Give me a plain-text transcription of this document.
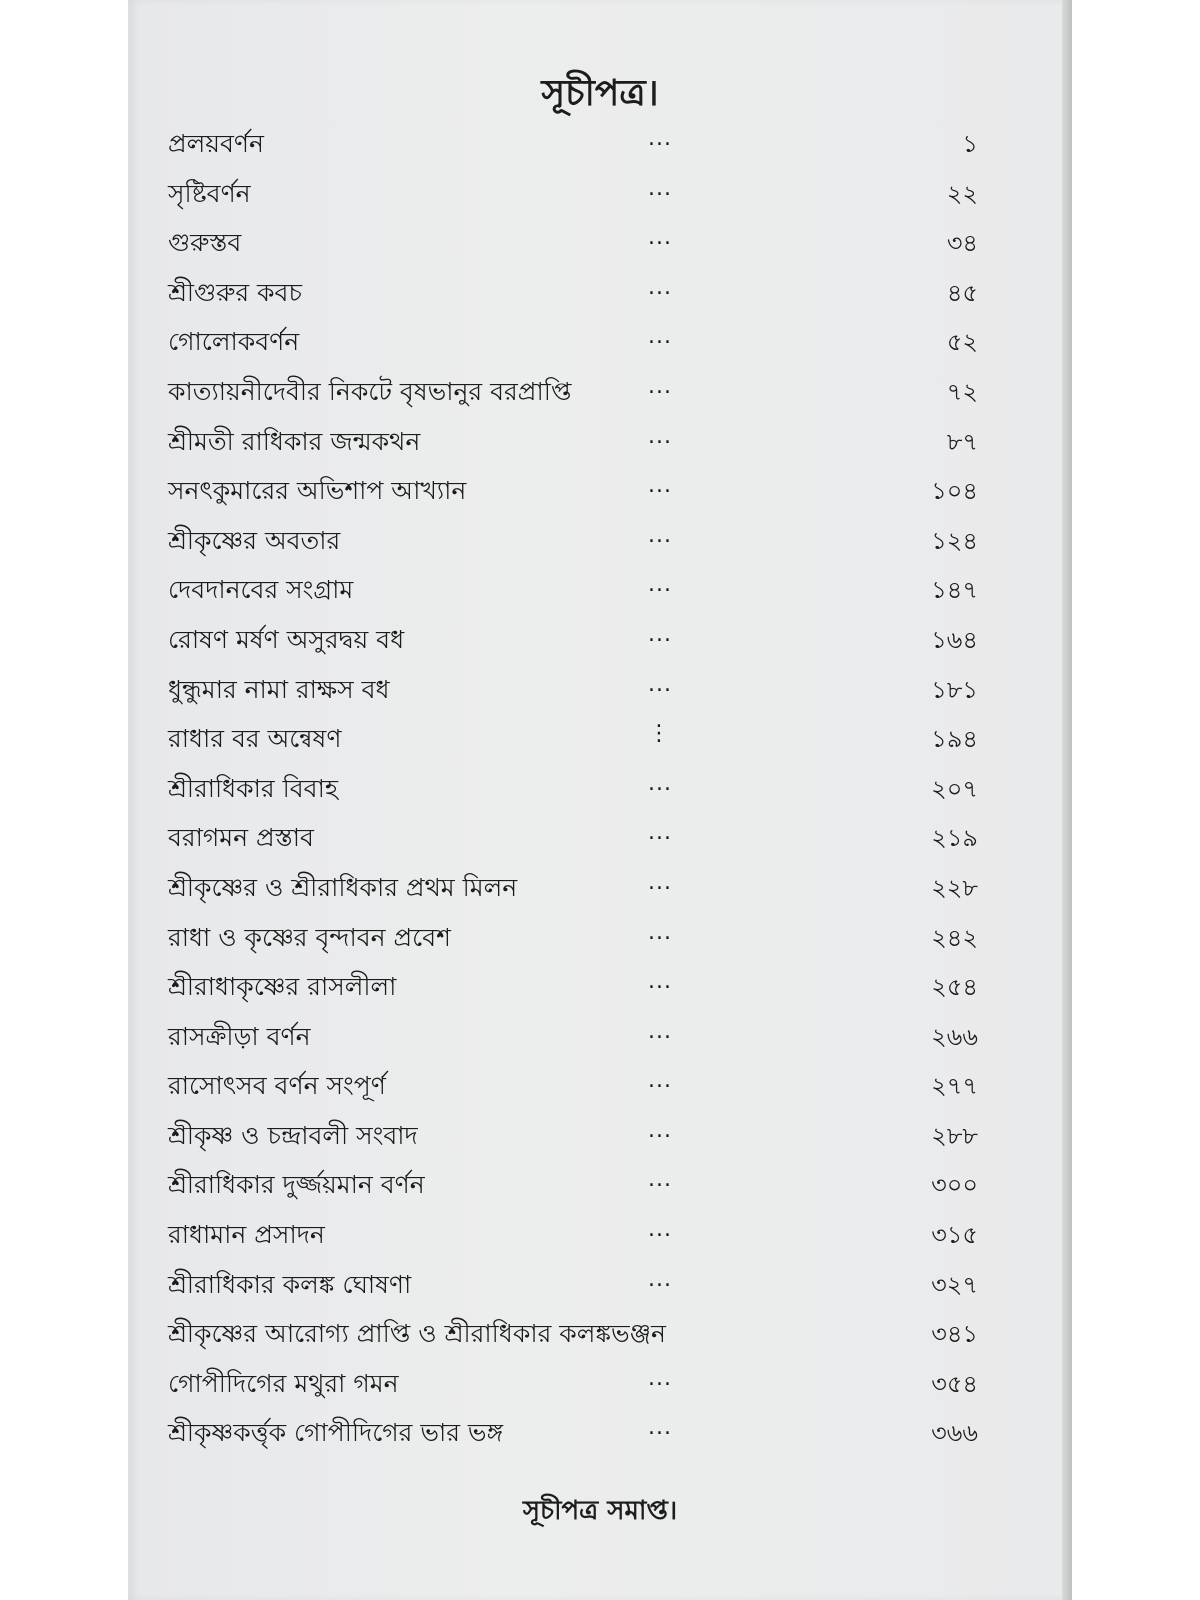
সূচীপত্র।
প্রলয়বর্ণন	...	১
সৃষ্টিবর্ণন	...	২২
গুরুস্তব	...	৩৪
শ্রীগুরুর কবচ	...	৪৫
গোলোকবর্ণন	...	৫২
কাত্যায়নীদেবীর নিকটে বৃষভানুর বরপ্রাপ্তি	...	৭২
শ্রীমতী রাধিকার জন্মকথন	...	৮৭
সনৎকুমারের অভিশাপ আখ্যান	...	১০৪
শ্রীকৃষ্ণের অবতার	...	১২৪
দেবদানবের সংগ্রাম	...	১৪৭
রোষণ মর্ষণ অসুরদ্বয় বধ	...	১৬৪
ধুন্ধুমার নামা রাক্ষস বধ	...	১৮১
রাধার বর অন্বেষণ	⋮	১৯৪
শ্রীরাধিকার বিবাহ	...	২০৭
বরাগমন প্রস্তাব	...	২১৯
শ্রীকৃষ্ণের ও শ্রীরাধিকার প্রথম মিলন	...	২২৮
রাধা ও কৃষ্ণের বৃন্দাবন প্রবেশ	...	২৪২
শ্রীরাধাকৃষ্ণের রাসলীলা	...	২৫৪
রাসক্রীড়া বর্ণন	...	২৬৬
রাসোৎসব বর্ণন সংপূর্ণ	...	২৭৭
শ্রীকৃষ্ণ ও চন্দ্রাবলী সংবাদ	...	২৮৮
শ্রীরাধিকার দুর্জ্জয়মান বর্ণন	...	৩০০
রাধামান প্রসাদন	...	৩১৫
শ্রীরাধিকার কলঙ্ক ঘোষণা	...	৩২৭
শ্রীকৃষ্ণের আরোগ্য প্রাপ্তি ও শ্রীরাধিকার কলঙ্কভঞ্জন	৩৪১
গোপীদিগের মথুরা গমন	...	৩৫৪
শ্রীকৃষ্ণকর্ত্তৃক গোপীদিগের ভার ভঙ্গ	...	৩৬৬
সূচীপত্র সমাপ্ত।
